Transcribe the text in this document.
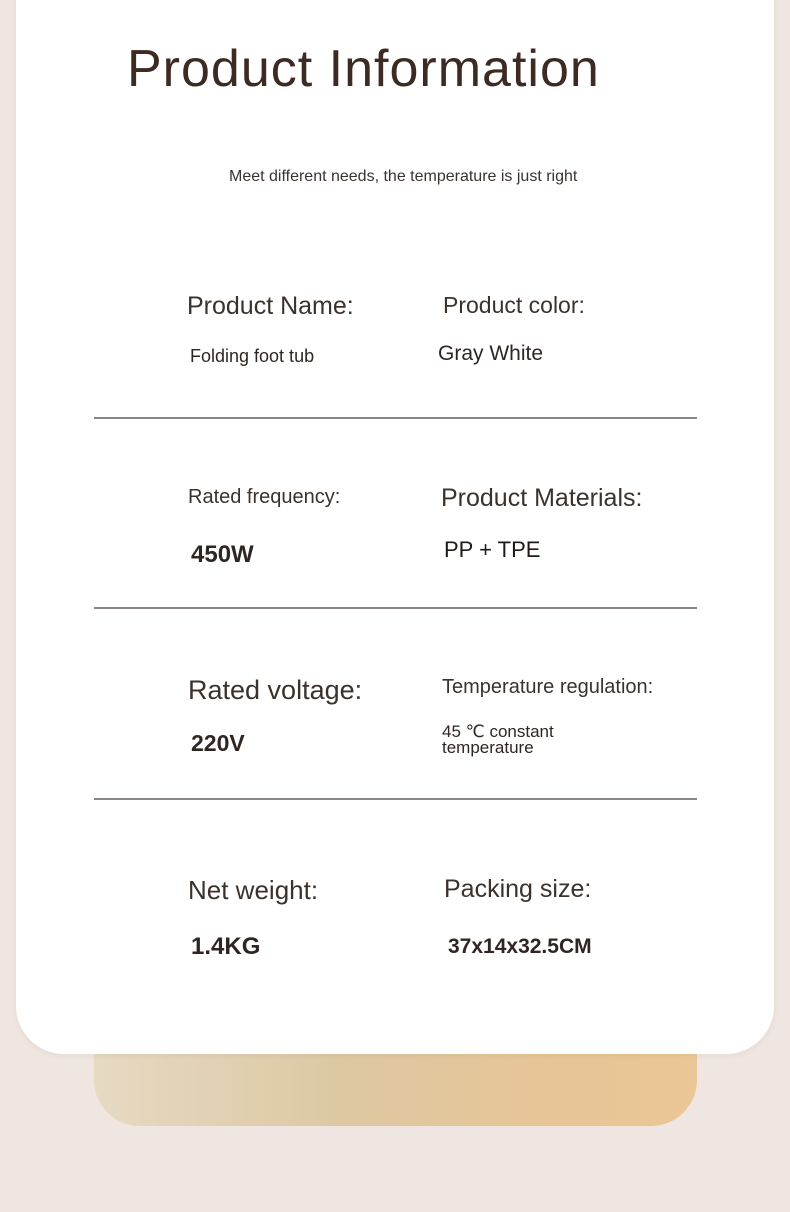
Product Information
Meet different needs, the temperature is just right
Product Name:
Folding foot tub
Product color:
Gray White
Rated frequency:
450W
Product Materials:
PP + TPE
Rated voltage:
220V
Temperature regulation:
45 ℃ constant temperature
Net weight:
1.4KG
Packing size:
37x14x32.5CM
